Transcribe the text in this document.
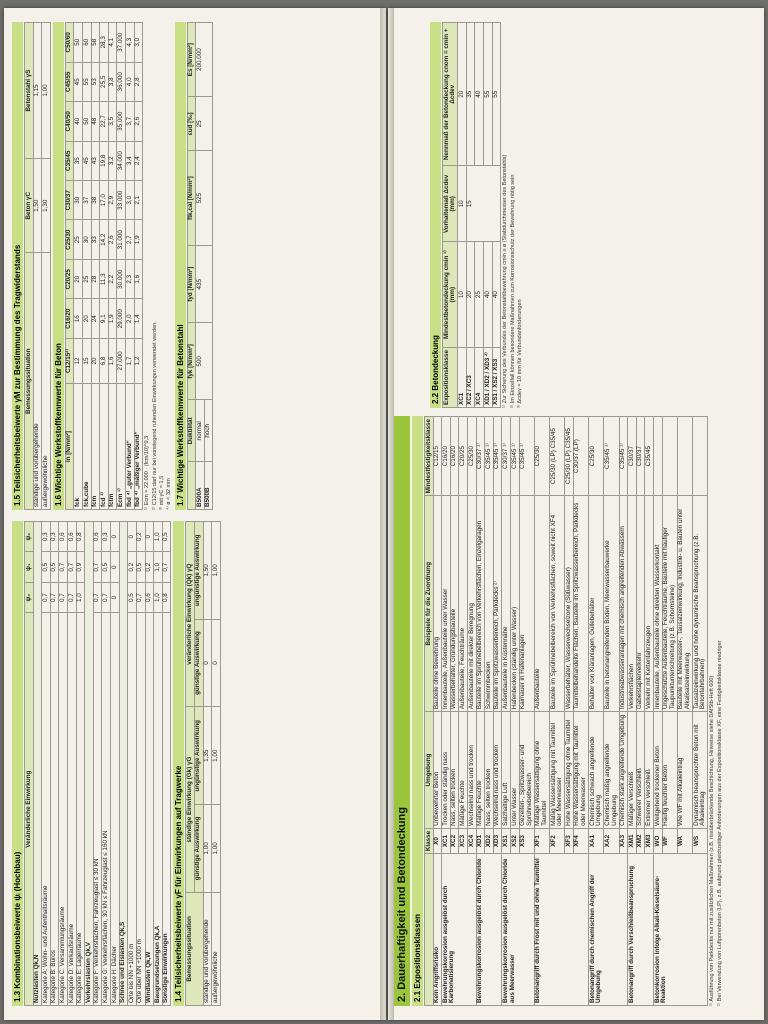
1.3 Kombinationsbeiwerte ψᵢ (Hochbau)
Veränderliche Einwirkung	ψ₀	ψ₁	ψ₂
Nutzlasten Qk,N			
Kategorie A: Wohn- und Aufenthaltsräume	0,7	0,5	0,3
Kategorie B: Büros	0,7	0,5	0,3
Kategorie C: Versammlungsräume	0,7	0,7	0,6
Kategorie D: Verkaufsräume	0,7	0,7	0,6
Kategorie E: Lagerräume	1,0	0,9	0,8
Verkehrslasten Qk,V			
Kategorie F: Verkehrsflächen, Fahrzeuglast ≤ 30 kN	0,7	0,7	0,6
Kategorie G: Verkehrsflächen, 30 kN ≤ Fahrzeuglast ≤ 160 kN	0,7	0,5	0,3
Kategorie H: Dächer	0	0	0
Schnee und Eislasten Qk,S			
Orte bis NN +1000 m	0,5	0,2	0
Orte über NN +1000 m	0,7	0,5	0,2
Windlasten Qk,W	0,6	0,2	0
Baugrundsetzungen Qk,A	1,0	1,0	1,0
Sonstige Einwirkungen	0,8	0,7	0,5
1.4 Teilsicherheitsbeiwerte γF für Einwirkungen auf Tragwerke Bemessungssituation	ständige Einwirkung (Gk) γG		veränderliche Einwirkung (Qk) γQ	
	günstige Auswirkung	ungünstige Auswirkung	günstige Auswirkung	ungünstige Auswirkung
ständige und vorübergehende	1,00	1,35	0	1,50
außergewöhnliche	1,00	1,00	0	1,00
1.5 Teilsicherheitsbeiwerte γM zur Bestimmung des Tragwiderstands Bemessungssituation	Beton γC	Betonstahl γS
ständige und vorübergehende	1,50	1,15
außergewöhnliche	1,30	1,00
1.6 Wichtige Werkstoffkennwerte für Beton in [N/mm²]	C12/15²⁾	C16/20	C20/25	C25/30	C30/37	C35/45	C40/50	C45/55	C50/60
fck	12	16	20	25	30	35	40	45	50
fck,cube	15	20	25	30	37	45	50	55	60
fcm	20	24	28	33	38	43	48	53	58
fcd ³⁾	6,8	9,1	11,3	14,2	17,0	19,8	22,7	25,5	28,3
fctm	1,6	1,9	2,2	2,6	2,9	3,2	3,5	3,8	4,1
Ecm ¹⁾	27.000	29.000	30.000	31.000	33.000	34.000	35.000	36.000	37.000
fbd ⁴⁾ „guter Verbund“	1,7	2,0	2,3	2,7	3,0	3,4	3,7	4,0	4,3
fbd ⁴⁾ „mäßiger Verbund“	1,2	1,4	1,6	1,9	2,1	2,4	2,6	2,8	3,0
¹⁾ Ecm = 22.000 · (fcm/10)^0,3 ²⁾ C12/15 darf nur bei vorwiegend ruhenden Einwirkungen verwendet werden. ³⁾ mit γC = 1,5 ⁴⁾ ø < 32 mm 1.7 Wichtige Werkstoffkennwerte für Betonstahl
	Duktilität	fyk [N/mm²]	fyd [N/mm²]	ftk,cal [N/mm²]	εud [‰]	Es [N/mm²]
B500A	normal	500	435	525	25	200.000
B500B	hoch					
2. Dauerhaftigkeit und Betondeckung 2.1 Expositionsklassen
	Klasse	Umgebung	Beispiele für die Zuordnung	Mindestfestigkeitsklasse
Kein Angriffsrisiko	X0	Unbewehrter Beton	Bauteile ohne Bewehrung	C12/15
Bewehrungskorrosion ausgelöst durch Karbonatisierung	XC1	Trocken oder ständig nass	Innenbauteile, Außenbauteile unter Wasser	C16/20
	XC2	Nass, selten trocken	Wasserbehälter, Gründungsbauteile	C16/20
	XC3	Mäßige Feuchte	Außenbauteile, Feuchträume	C20/25
	XC4	Wechselnd nass und trocken	Außenbauteile mit direkter Beregnung	C25/30
Bewehrungskorrosion ausgelöst durch Chloride	XD1	Mäßige Feuchte	Bauteile im Sprühnebelbereich von Verkehrsflächen, Einzelgaragen	C30/37 ¹⁾
	XD2	Nass, selten trocken	Schwimmbecken	C35/45 ¹⁾
	XD3	Wechselnd nass und trocken	Bauteile im Spritzwasserbereich, Parkdecks ²⁾	C35/45 ¹⁾
Bewehrungskorrosion ausgelöst durch Chloride aus Meerwasser	XS1	Salzhaltige Luft	Außenbauteile in Küstennähe	C30/37 ¹⁾
	XS2	Unter Wasser	Hafenbecken (ständig unter Wasser)	C35/45 ¹⁾
	XS3	Gezeiten-, Spritzwasser- und Sprühnebelbereich	Kaimauer in Hafenanlagen	C35/45 ¹⁾
Betonangriff durch Frost mit und ohne Taumittel	XF1	Mäßige Wassersättigung ohne Taumittel	Außenbauteile	C25/30
	XF2	Mäßig Wassersättigung mit Taumittel oder Meerwasser	Bauteile im Sprühnebelbereich von Verkehrsflächen, soweit nicht XF4	C25/30 (LP) C35/45
	XF3	Hohe Wassersättigung ohne Taumittel	Wasserbehälter, Wasserwechselzone (Süßwasser)	C25/30 (LP) C35/45
	XF4	Hohe Wassersättigung mit Taumittel oder Meerwasser	Taumittelbehandelte Flächen, Bauteile im Spritzwasserbereich, Parkdecks	C30/37 (LP)
Betonangriff durch chemischen Angriff der Umgebung	XA1	Chemisch schwach angreifende Umgebung	Behälter von Kläranlagen, Güllebehälter	C25/30
	XA2	Chemisch mäßig angreifende Umgebung	Bauteile in betonangreifenden Böden, Meerwasserbauwerke	C35/45 ¹⁾
	XA3	Chemisch stark angreifende Umgebung	Industrieabwasseranlagen mit chemisch angreifenden Abwässern	C35/45 ¹⁾
Betonangriff durch Verschleißbeanspruchung	XM1	Mäßiger Verschleiß	Verkehrsflächen	C30/37
	XM2	Schwerer Verschleiß	Gabelstaplerverkehr	C30/37
	XM3	Extremer Verschleiß	Verkehr mit Kettenfahrzeugen	C35/45
Betonkorrosion infolge Alkali-Kieselsäure-Reaktion	WO	Weitgehend trockener Beton	Innenbauteile, Außenbauteile ohne direkten Wasserkontakt	
	WF	Häufig feuchter Beton	Ungeschützte Außenbauteile, Feuchträume, Bauteile mit häufiger Taupunktunterschreitung (z.B. Schornsteine)	
	WA	Wie WF mit Alkalieintrag	Bauteile mit Meerwasser-, Tausalzeinwirkung, Industrie- u. Bauten unter Alkalisalzeinwirkung	
	WS	Dynamisch beanspruchter Beton mit Alkalieintrag	Tausalzeinwirkung und hohe dynamische Beanspruchung (z.B. Betonfahrbahnen)	¹⁾ Ausführung von Parkdecks nur mit zusätzlichen Maßnahmen (z.B. rissüberbrückende Beschichtung, Hinweise siehe DAfStb-Heft 600) ²⁾ Bei Verwendung von Luftporenbeton (LP), z.B. aufgrund gleichzeitiger Anforderungen aus der Expositionsklasse XF, eine Festigkeitsklasse niedriger
2.2 Betondeckung Expositionsklasse	Mindestbetondeckung cmin ¹⁾ (mm)	Vorhaltemaß Δcdev (mm)	Nennmaß der Betondeckung cnom = cmin + Δcdev
XC1	10	10	20
XC2 / XC3	20	15	35
XC4	25		40
XD1 / XD2 / XD3 ²⁾	40		55
XS1 / XS2 / XS3	40		55
¹⁾ Zur Sicherung des Verbundes der Betonstahlbewehrung cmin ≥ ø (Stabdurchmesser des Betonstahls) ²⁾ Im Einzelfall können besondere Maßnahmen zum Korrosionsschutz der Bewehrung nötig sein ³⁾ Δcdev = 10 mm für Verbundanforderungen
